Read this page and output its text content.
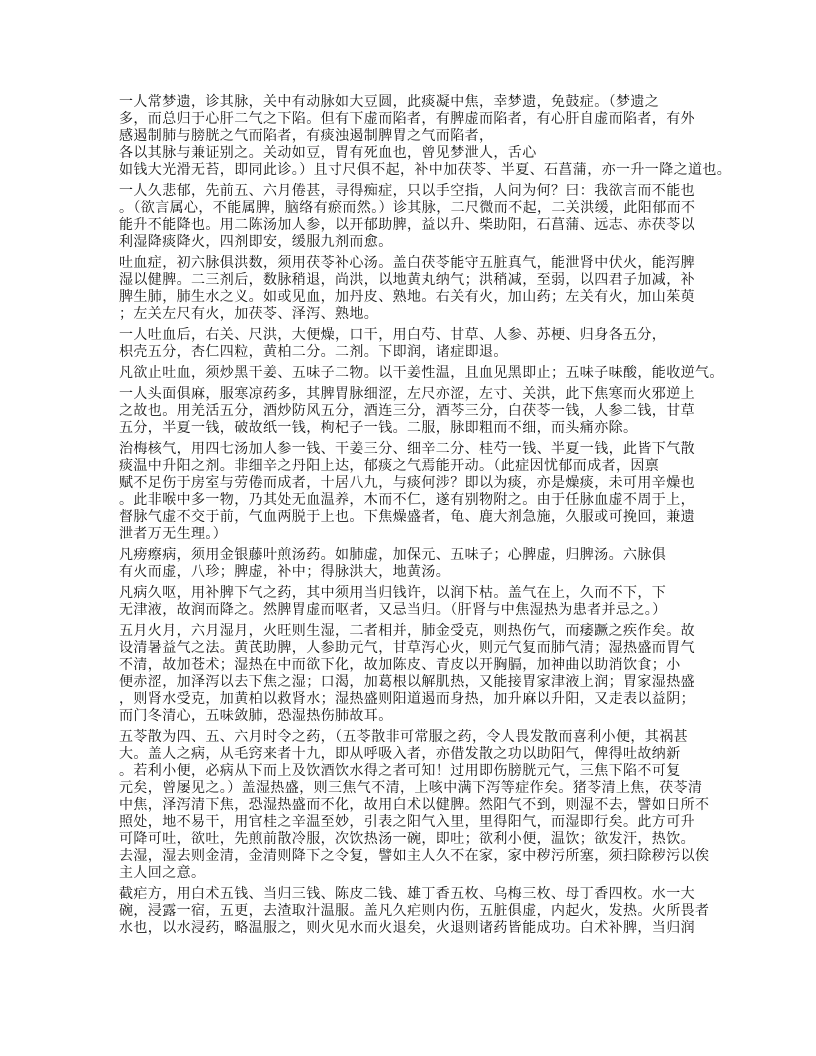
一人常梦遗，诊其脉，关中有动脉如大豆圆，此痰凝中焦，幸梦遗，免鼓症。（梦遗之
多，而总归于心肝二气之下陷。但有下虚而陷者，有脾虚而陷者，有心肝自虚而陷者，有外
感遏制肺与膀胱之气而陷者，有痰浊遏制脾胃之气而陷者，
各以其脉与兼证别之。关动如豆，胃有死血也，曾见梦泄人，舌心
如钱大光滑无苔，即同此诊。）且寸尺俱不起，补中加茯苓、半夏、石菖蒲，亦一升一降之道也。
一人久悲郁，先前五、六月倦甚，寻得痴症，只以手空指，人问为何？曰：我欲言而不能也
。（欲言属心，不能属脾，脑络有瘀而然。）诊其脉，二尺微而不起，二关洪缓，此阳郁而不
能升不能降也。用二陈汤加人参，以开郁助脾，益以升、柴助阳，石菖蒲、远志、赤茯苓以
利湿降痰降火，四剂即安，缓服九剂而愈。
吐血症，初六脉俱洪数，须用茯苓补心汤。盖白茯苓能守五脏真气，能泄肾中伏火，能泻脾
湿以健脾。二三剂后，数脉稍退，尚洪，以地黄丸纳气；洪稍减，至弱，以四君子加减，补
脾生肺，肺生水之义。如或见血，加丹皮、熟地。右关有火，加山药；左关有火，加山茱萸
；左关左尺有火，加茯苓、泽泻、熟地。
一人吐血后，右关、尺洪，大便燥，口干，用白芍、甘草、人参、苏梗、归身各五分，
枳壳五分，杏仁四粒，黄柏二分。二剂。下即润，诸症即退。
凡欲止吐血，须炒黑干姜、五味子二物。以干姜性温，且血见黑即止；五味子味酸，能收逆气。
一人头面俱麻，服寒凉药多，其脾胃脉细涩，左尺亦涩，左寸、关洪，此下焦寒而火邪逆上
之故也。用羌活五分，酒炒防风五分，酒连三分，酒芩三分，白茯苓一钱，人参二钱，甘草
五分，半夏一钱，破故纸一钱，枸杞子一钱。二服，脉即粗而不细，而头痛亦除。
治梅核气，用四七汤加人参一钱、干姜三分、细辛二分、桂芍一钱、半夏一钱，此皆下气散
痰温中升阳之剂。非细辛之丹阳上达，郁痰之气焉能开动。（此症因忧郁而成者，因禀
赋不足伤于房室与劳倦而成者，十居八九，与痰何涉？即以为痰，亦是燥痰，未可用辛燥也
。此非喉中多一物，乃其处无血温养，木而不仁，遂有别物附之。由于任脉血虚不周于上，
督脉气虚不交于前，气血两脱于上也。下焦燥盛者，龟、鹿大剂急施，久服或可挽回，兼遗
泄者万无生理。）
凡痨瘵病，须用金银藤叶煎汤药。如肺虚，加保元、五味子；心脾虚，归脾汤。六脉俱
有火而虚，八珍；脾虚，补中；得脉洪大，地黄汤。
凡病久呕，用补脾下气之药，其中须用当归钱许，以润下枯。盖气在上，久而不下，下
无津液，故润而降之。然脾胃虚而呕者，又忌当归。（肝肾与中焦湿热为患者并忌之。）
五月火月，六月湿月，火旺则生湿，二者相并，肺金受克，则热伤气，而痿蹶之疾作矣。故
设清暑益气之法。黄芪助脾，人参助元气，甘草泻心火，则元气复而肺气清；湿热盛而胃气
不清，故加苍术；湿热在中而欲下化，故加陈皮、青皮以开胸膈，加神曲以助消饮食；小
便赤涩，加泽泻以去下焦之湿；口渴，加葛根以解肌热，又能接胃家津液上润；胃家湿热盛
，则肾水受克，加黄柏以救肾水；湿热盛则阳道遏而身热，加升麻以升阳，又走表以益阴；
而门冬清心，五味敛肺，恐湿热伤肺故耳。
五苓散为四、五、六月时令之药，（五苓散非可常服之药，令人畏发散而喜利小便，其祸甚
大。盖人之病，从毛窍来者十九，即从呼吸入者，亦借发散之功以助阳气，俾得吐故纳新
。若利小便，必病从下而上及饮酒饮水得之者可知！过用即伤膀胱元气，三焦下陷不可复
元矣，曾屡见之。）盖湿热盛，则三焦气不清，上咳中满下泻等症作矣。猪苓清上焦，茯苓清
中焦，泽泻清下焦，恐湿热盛而不化，故用白术以健脾。然阳气不到，则湿不去，譬如日所不
照处，地不易干，用官桂之辛温至妙，引表之阳气入里，里得阳气，而湿即行矣。此方可升
可降可吐，欲吐，先煎前散冷服，次饮热汤一碗，即吐；欲利小便，温饮；欲发汗，热饮。
去湿，湿去则金清，金清则降下之令复，譬如主人久不在家，家中秽污所塞，须扫除秽污以俟
主人回之意。
截疟方，用白术五钱、当归三钱、陈皮二钱、雄丁香五枚、乌梅三枚、母丁香四枚。水一大
碗，浸露一宿，五更，去渣取汁温服。盖凡久疟则内伤，五脏俱虚，内起火，发热。火所畏者
水也，以水浸药，略温服之，则火见水而火退矣，火退则诸药皆能成功。白术补脾，当归润
